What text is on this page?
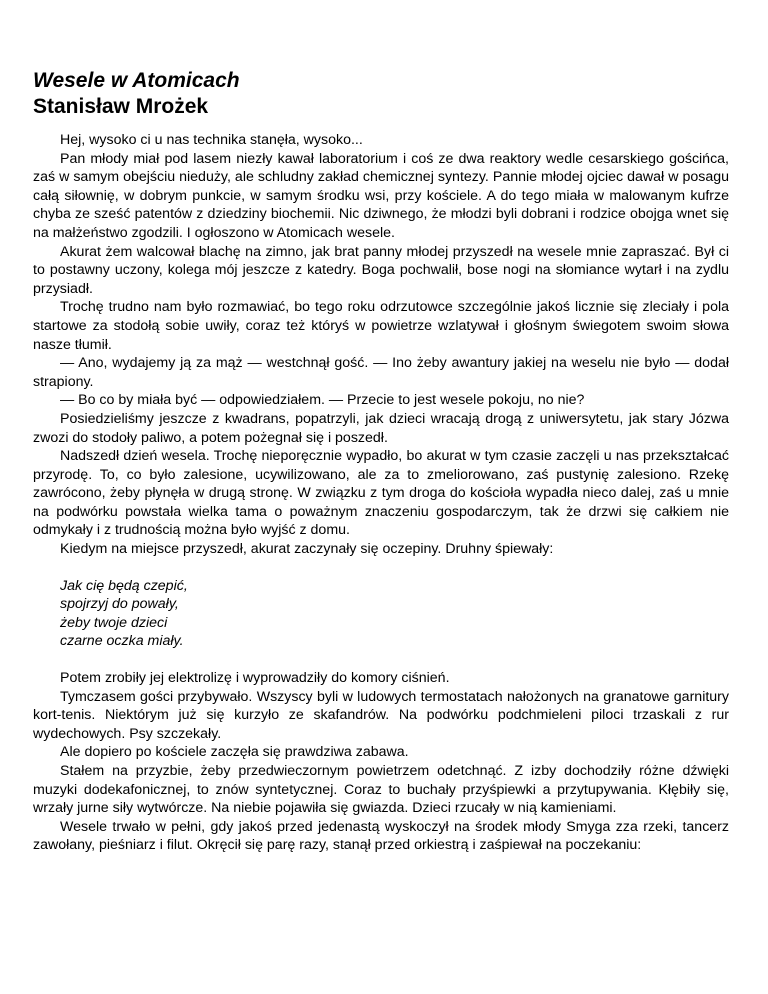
Wesele w Atomicach
Stanisław Mrożek

Hej, wysoko ci u nas technika stanęła, wysoko...

Pan młody miał pod lasem niezły kawał laboratorium i coś ze dwa reaktory wedle cesarskiego gościńca, zaś w samym obejściu nieduży, ale schludny zakład chemicznej syntezy. Pannie młodej ojciec dawał w posagu całą siłownię, w dobrym punkcie, w samym środku wsi, przy kościele. A do tego miała w malowanym kufrze chyba ze sześć patentów z dziedziny biochemii. Nic dziwnego, że młodzi byli dobrani i rodzice obojga wnet się na małżeństwo zgodzili. I ogłoszono w Atomicach wesele.

Akurat żem walcował blachę na zimno, jak brat panny młodej przyszedł na wesele mnie zapraszać. Był ci to postawny uczony, kolega mój jeszcze z katedry. Boga pochwalił, bose nogi na słomiance wytarł i na zydlu przysiadł.

Trochę trudno nam było rozmawiać, bo tego roku odrzutowce szczególnie jakoś licznie się zleciały i pola startowe za stodołą sobie uwiły, coraz też któryś w powietrze wzlatywał i głośnym świegotem swoim słowa nasze tłumił.

— Ano, wydajemy ją za mąż — westchnął gość. — Ino żeby awantury jakiej na weselu nie było — dodał strapiony.

— Bo co by miała być — odpowiedziałem. — Przecie to jest wesele pokoju, no nie?

Posiedzieliśmy jeszcze z kwadrans, popatrzyli, jak dzieci wracają drogą z uniwersytetu, jak stary Józwa zwozi do stodoły paliwo, a potem pożegnał się i poszedł.

Nadszedł dzień wesela. Trochę nieporęcznie wypadło, bo akurat w tym czasie zaczęli u nas przekształcać przyrodę. To, co było zalesione, ucywilizowano, ale za to zmeliorowano, zaś pustynię zalesiono. Rzekę zawrócono, żeby płynęła w drugą stronę. W związku z tym droga do kościoła wypadła nieco dalej, zaś u mnie na podwórku powstała wielka tama o poważnym znaczeniu gospodarczym, tak że drzwi się całkiem nie odmykały i z trudnością można było wyjść z domu.

Kiedym na miejsce przyszedł, akurat zaczynały się oczepiny. Druhny śpiewały:

Jak cię będą czepić,
spojrzyj do powały,
żeby twoje dzieci
czarne oczka miały.

Potem zrobiły jej elektrolizę i wyprowadziły do komory ciśnień.

Tymczasem gości przybywało. Wszyscy byli w ludowych termostatach nałożonych na granatowe garnitury kort-tenis. Niektórym już się kurzyło ze skafandrów. Na podwórku podchmieleni piloci trzaskali z rur wydechowych. Psy szczekały.

Ale dopiero po kościele zaczęła się prawdziwa zabawa.

Stałem na przyzbie, żeby przedwieczornym powietrzem odetchnąć. Z izby dochodziły różne dźwięki muzyki dodekafonicznej, to znów syntetycznej. Coraz to buchały przyśpiewki a przytupywania. Kłębiły się, wrzały jurne siły wytwórcze. Na niebie pojawiła się gwiazda. Dzieci rzucały w nią kamieniami.

Wesele trwało w pełni, gdy jakoś przed jedenastą wyskoczył na środek młody Smyga zza rzeki, tancerz zawołany, pieśniarz i filut. Okręcił się parę razy, stanął przed orkiestrą i zaśpiewał na poczekaniu:
